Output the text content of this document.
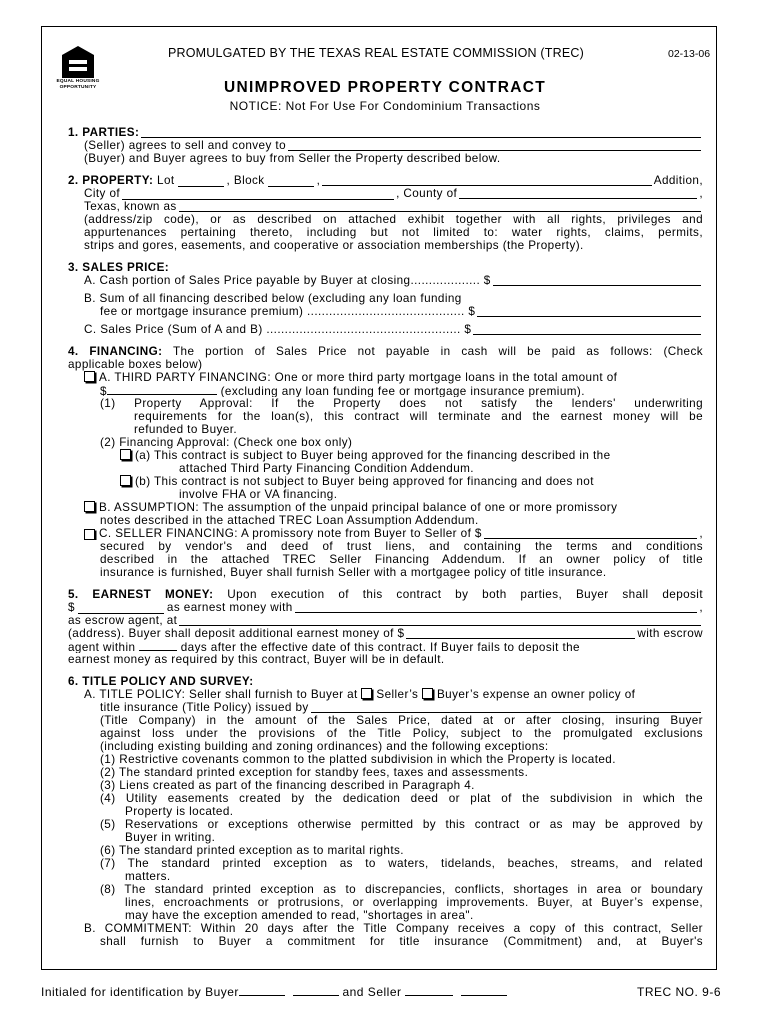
EQUAL HOUSING OPPORTUNITY
PROMULGATED BY THE TEXAS REAL ESTATE COMMISSION (TREC)	02-13-06
UNIMPROVED PROPERTY CONTRACT
NOTICE: Not For Use For Condominium Transactions
1. PARTIES:
(Seller) agrees to sell and convey to
(Buyer) and Buyer agrees to buy from Seller the Property described below.
2. PROPERTY:
Lot	, Block	,	Addition,
City of	, County of	,
Texas, known as
(address/zip code), or as described on attached exhibit together with all rights, privileges and
appurtenances pertaining thereto, including but not limited to: water rights, claims, permits,
strips and gores, easements, and cooperative or association memberships (the Property).
3. SALES PRICE:
A. Cash portion of Sales Price payable by Buyer at closing................... $
B. Sum of all financing described below (excluding any loan funding
fee or mortgage insurance premium) ........................................... $
C. Sales Price (Sum of A and B) ..................................................... $
4. FINANCING: The portion of Sales Price not payable in cash will be paid as follows: (Check
applicable boxes below)
A. THIRD PARTY FINANCING: One or more third party mortgage loans in the total amount of
$	(excluding any loan funding fee or mortgage insurance premium).
(1) Property Approval: If the Property does not satisfy the lenders' underwriting
requirements for the loan(s), this contract will terminate and the earnest money will be
refunded to Buyer.
(2) Financing Approval: (Check one box only)
(a) This contract is subject to Buyer being approved for the financing described in the
attached Third Party Financing Condition Addendum.
(b) This contract is not subject to Buyer being approved for financing and does not
involve FHA or VA financing.
B. ASSUMPTION: The assumption of the unpaid principal balance of one or more promissory
notes described in the attached TREC Loan Assumption Addendum.
C. SELLER FINANCING: A promissory note from Buyer to Seller of $	,
secured by vendor's and deed of trust liens, and containing the terms and conditions
described in the attached TREC Seller Financing Addendum. If an owner policy of title
insurance is furnished, Buyer shall furnish Seller with a mortgagee policy of title insurance.
5. EARNEST MONEY: Upon execution of this contract by both parties, Buyer shall deposit
$	as earnest money with	,
as escrow agent, at
(address). Buyer shall deposit additional earnest money of $	with escrow
agent within	days after the effective date of this contract. If Buyer fails to deposit the
earnest money as required by this contract, Buyer will be in default.
6. TITLE POLICY AND SURVEY:
A. TITLE POLICY: Seller shall furnish to Buyer at Seller’s Buyer’s expense an owner policy of
title insurance (Title Policy) issued by
(Title Company) in the amount of the Sales Price, dated at or after closing, insuring Buyer
against loss under the provisions of the Title Policy, subject to the promulgated exclusions
(including existing building and zoning ordinances) and the following exceptions:
(1) Restrictive covenants common to the platted subdivision in which the Property is located.
(2) The standard printed exception for standby fees, taxes and assessments.
(3) Liens created as part of the financing described in Paragraph 4.
(4) Utility easements created by the dedication deed or plat of the subdivision in which the
Property is located.
(5) Reservations or exceptions otherwise permitted by this contract or as may be approved by
Buyer in writing.
(6) The standard printed exception as to marital rights.
(7) The standard printed exception as to waters, tidelands, beaches, streams, and related
matters.
(8) The standard printed exception as to discrepancies, conflicts, shortages in area or boundary
lines, encroachments or protrusions, or overlapping improvements. Buyer, at Buyer’s expense,
may have the exception amended to read, "shortages in area".
B. COMMITMENT: Within 20 days after the Title Company receives a copy of this contract, Seller
shall furnish to Buyer a commitment for title insurance (Commitment) and, at Buyer's
Initialed for identification by Buyer	and Seller	TREC NO. 9-6
